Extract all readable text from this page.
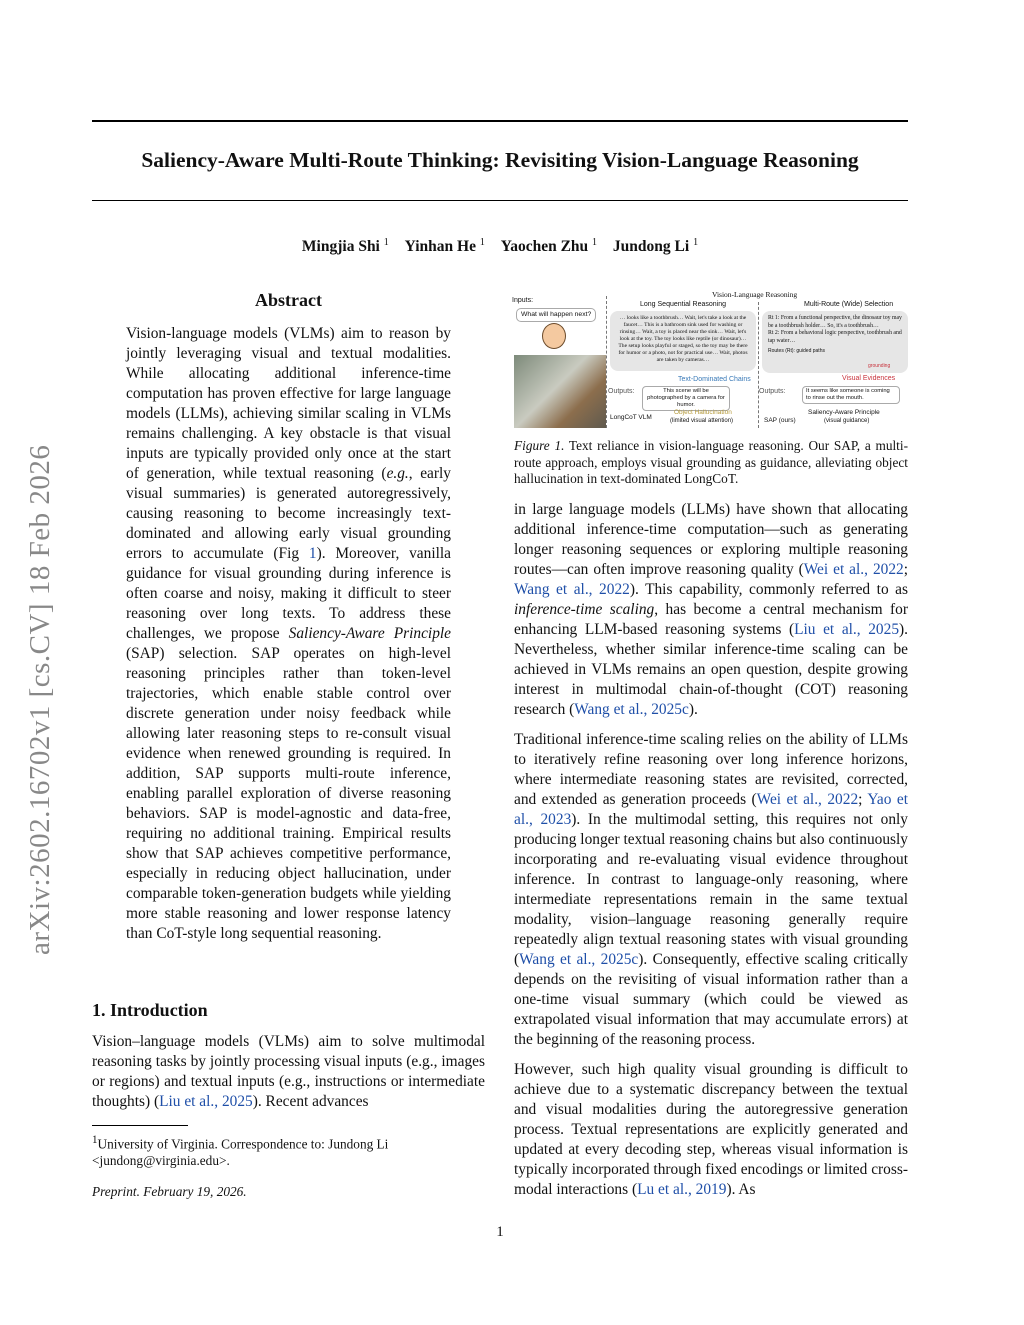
Saliency-Aware Multi-Route Thinking: Revisiting Vision-Language Reasoning
Mingjia Shi $^1$ Yinhan He $^1$ Yaochen Zhu $^1$ Jundong Li $^1$
arXiv:2602.16702v1 [cs.CV] 18 Feb 2026
Abstract
Vision-language models (VLMs) aim to reason by jointly leveraging visual and textual modalities. While allocating additional inference-time computation has proven effective for large language models (LLMs), achieving similar scaling in VLMs remains challenging. A key obstacle is that visual inputs are typically provided only once at the start of generation, while textual reasoning (e.g., early visual summaries) is generated autoregressively, causing reasoning to become increasingly text-dominated and allowing early visual grounding errors to accumulate (Fig 1). Moreover, vanilla guidance for visual grounding during inference is often coarse and noisy, making it difficult to steer reasoning over long texts. To address these challenges, we propose Saliency-Aware Principle (SAP) selection. SAP operates on high-level reasoning principles rather than token-level trajectories, which enable stable control over discrete generation under noisy feedback while allowing later reasoning steps to re-consult visual evidence when renewed grounding is required. In addition, SAP supports multi-route inference, enabling parallel exploration of diverse reasoning behaviors. SAP is model-agnostic and data-free, requiring no additional training. Empirical results show that SAP achieves competitive performance, especially in reducing object hallucination, under comparable token-generation budgets while yielding more stable reasoning and lower response latency than CoT-style long sequential reasoning.
1. Introduction

Vision–language models (VLMs) aim to solve multimodal reasoning tasks by jointly processing visual inputs (e.g., images or regions) and textual inputs (e.g., instructions or intermediate thoughts) (Liu et al., 2025). Recent advances

$^1$University of Virginia. Correspondence to: Jundong Li <jundong@virginia.edu>.
Preprint. February 19, 2026.
Inputs:
What will happen next?
Vision-Language Reasoning
Long Sequential Reasoning	Multi-Route (Wide) Selection
… looks like a toothbrush… Wait, let's take a look at the faucet… This is a bathroom sink used for washing or rinsing… Wait, a toy is placed near the sink… Wait, let's look at the toy. The toy looks like reptile (or dinosaur)… The setup looks playful or staged, so the toy may be there for humor or a photo, not for practical use… Wait, photos are taken by cameras…
Rt 1: From a functional perspective, the dinosaur toy may be a toothbrush holder… So, it's a toothbrush…
Rt 2: From a behavioral logic perspective, toothbrush and tap water…
Routes (Rt): guided paths
grounding
Text-Dominated Chains	Visual Evidences
Outputs:	This scene will be photographed by a camera for humor.
Outputs:	It seems like someone is coming to rinse out the mouth.
LongCoT VLM
Object Hallucination
(limited visual attention)	SAP (ours)
Saliency-Aware Principle
(visual guidance)
Figure 1. Text reliance in vision-language reasoning. Our SAP, a multi-route approach, employs visual grounding as guidance, alleviating object hallucination in text-dominated LongCoT.

in large language models (LLMs) have shown that allocating additional inference-time computation—such as generating longer reasoning sequences or exploring multiple reasoning routes—can often improve reasoning quality (Wei et al., 2022; Wang et al., 2022). This capability, commonly referred to as inference-time scaling, has become a central mechanism for enhancing LLM-based reasoning systems (Liu et al., 2025). Nevertheless, whether similar inference-time scaling can be achieved in VLMs remains an open question, despite growing interest in multimodal chain-of-thought (COT) reasoning research (Wang et al., 2025c).

Traditional inference-time scaling relies on the ability of LLMs to iteratively refine reasoning over long inference horizons, where intermediate reasoning states are revisited, corrected, and extended as generation proceeds (Wei et al., 2022; Yao et al., 2023). In the multimodal setting, this requires not only producing longer textual reasoning chains but also continuously incorporating and re-evaluating visual evidence throughout inference. In contrast to language-only reasoning, where intermediate representations remain in the same textual modality, vision–language reasoning generally require repeatedly align textual reasoning states with visual grounding (Wang et al., 2025c). Consequently, effective scaling critically depends on the revisiting of visual information rather than a one-time visual summary (which could be viewed as extrapolated visual information that may accumulate errors) at the beginning of the reasoning process.

However, such high quality visual grounding is difficult to achieve due to a systematic discrepancy between the textual and visual modalities during the autoregressive generation process. Textual representations are explicitly generated and updated at every decoding step, whereas visual information is typically incorporated through fixed encodings or limited cross-modal interactions (Lu et al., 2019). As

1
